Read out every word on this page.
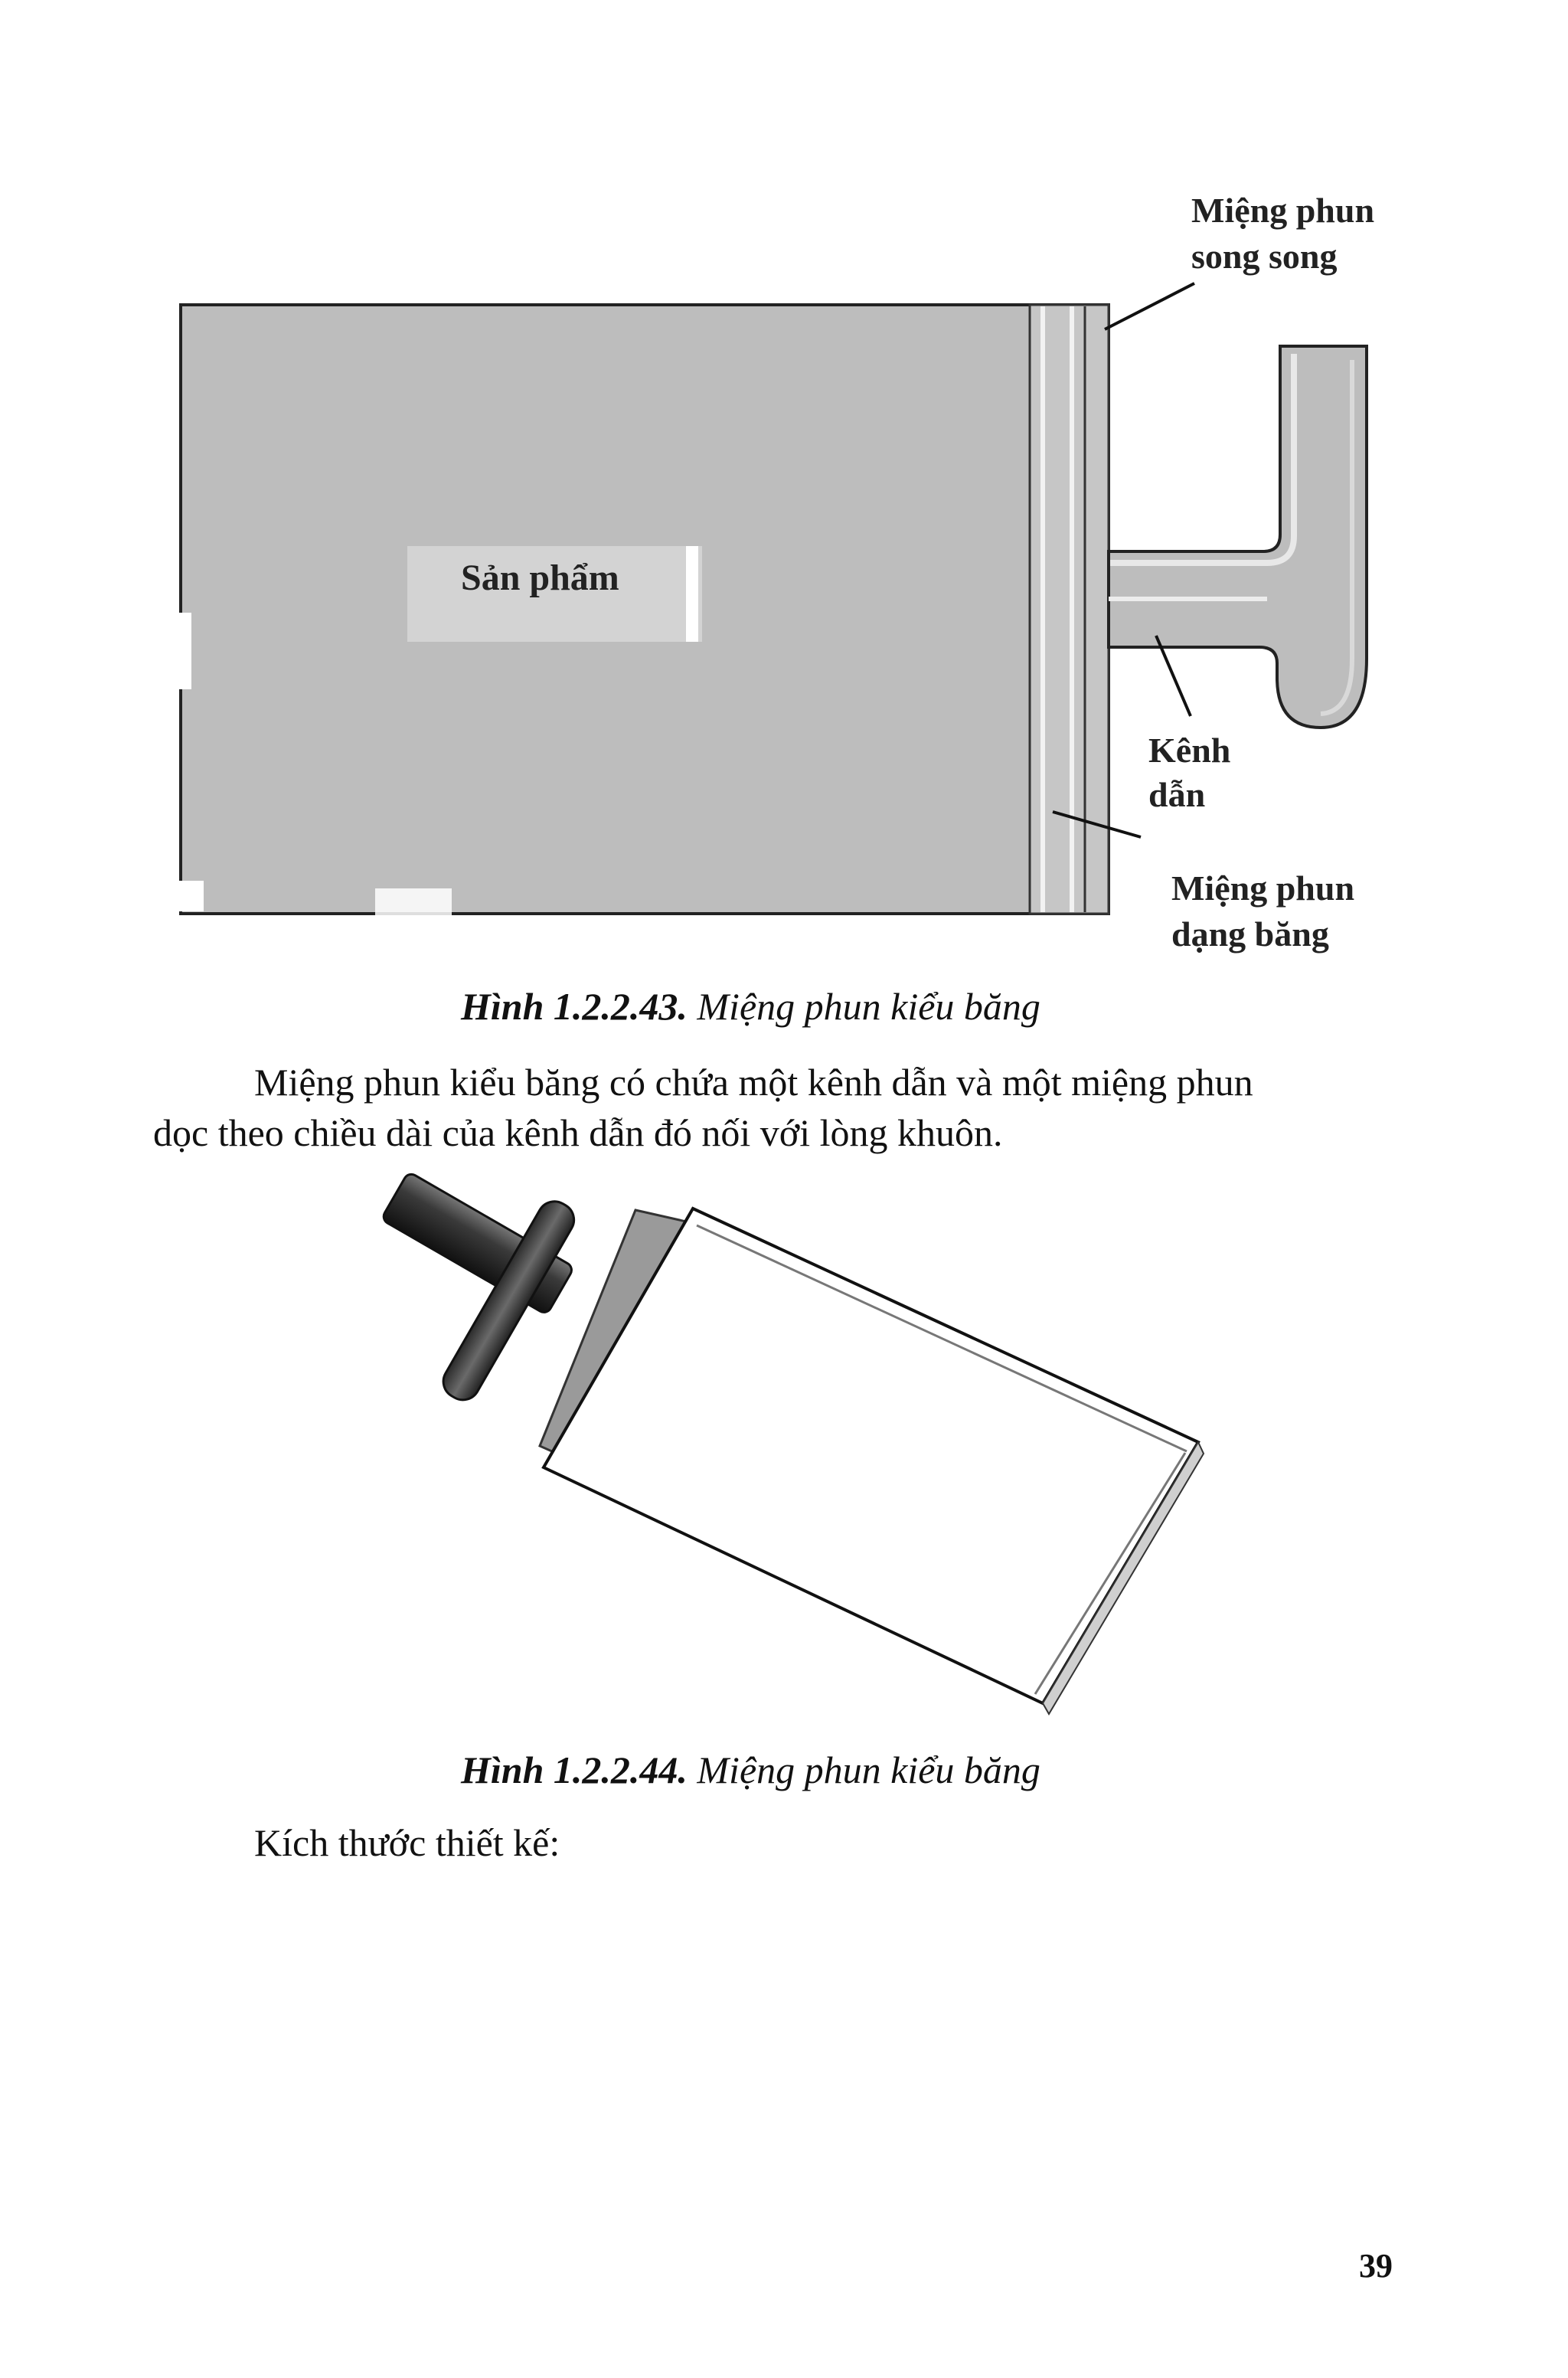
Sản phẩm
Miệng phun
song song
Kênh
dẫn
Miệng phun
dạng băng
Hình 1.2.2.43. Miệng phun kiểu băng
Miệng phun kiểu băng có chứa một kênh dẫn và một miệng phun
dọc theo chiều dài của kênh dẫn đó nối với lòng khuôn.
Hình 1.2.2.44. Miệng phun kiểu băng
Kích thước thiết kế:
39
